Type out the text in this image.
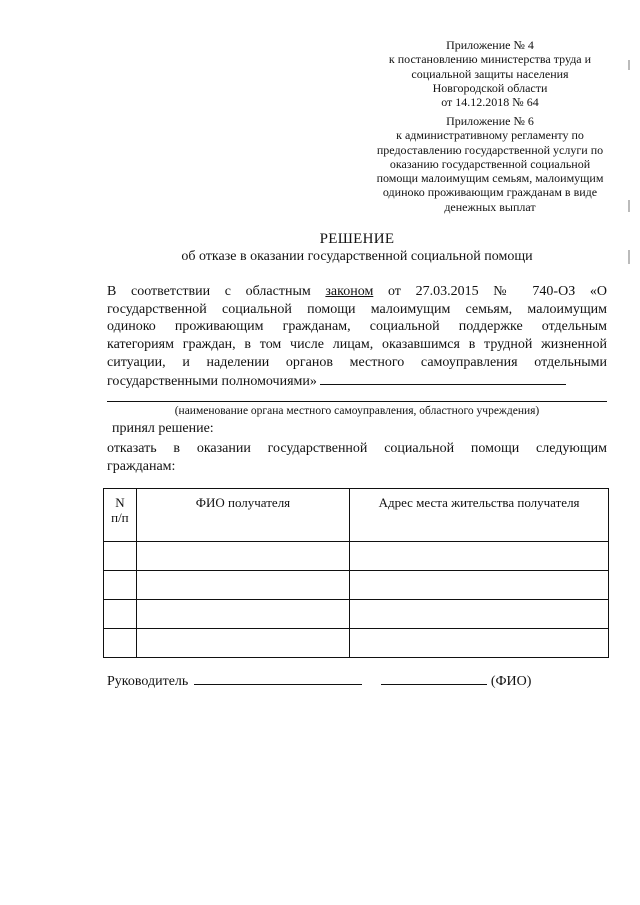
Приложение № 4
к постановлению министерства труда и
социальной защиты населения
Новгородской области
от 14.12.2018 № 64
Приложение № 6
к административному регламенту по
предоставлению государственной услуги по
оказанию государственной социальной
помощи малоимущим семьям, малоимущим
одиноко проживающим гражданам в виде
денежных выплат
РЕШЕНИЕ
об отказе в оказании государственной социальной помощи
В соответствии с областным законом от 27.03.2015 № 740-ОЗ «О
государственной социальной помощи малоимущим семьям, малоимущим
одиноко проживающим гражданам, социальной поддержке отдельным
категориям граждан, в том числе лицам, оказавшимся в трудной жизненной
ситуации, и наделении органов местного самоуправления отдельными
государственными полномочиями»
(наименование органа местного самоуправления, областного учреждения)
принял решение:
отказать в оказании государственной социальной помощи следующим
гражданам:
N
п/п	ФИО получателя	Адрес места жительства получателя

Руководитель	(ФИО)
